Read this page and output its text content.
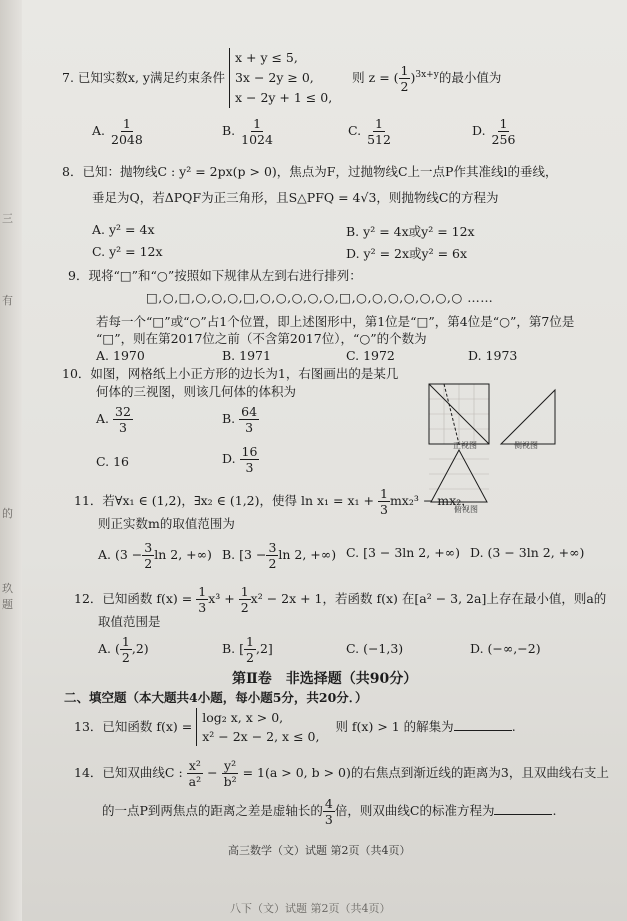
三
有
的
玖
题
7. 已知实数x, y满足约束条件 x + y ≤ 5,
3x − 2y ≥ 0,
x − 2y + 1 ≤ 0, 则 z = ( $\frac{1}{2} )^{3x+y}$的最小值为
A. $\frac{1}{2048}$	B. $\frac{1}{1024}$	C. $\frac{1}{512}$	D. $\frac{1}{256}$
8．已知：抛物线C : y² = 2px(p > 0)，焦点为F，过抛物线C上一点P作其准线l的垂线，
垂足为Q，若ΔPQF为正三角形，且S△PFQ = 4√3，则抛物线C的方程为
A. y² = 4x	B. y² = 4x或y² = 12x
C. y² = 12x	D. y² = 2x或y² = 6x
9．现将“□”和“○”按照如下规律从左到右进行排列：
□,○,□,○,○,○,□,○,○,○,○,○,□,○,○,○,○,○,○,○ ……
若每一个“□”或“○”占1个位置，即上述图形中，第1位是“□”，第4位是“○”，第7位是
“□”，则在第2017位之前（不含第2017位），“○”的个数为
A. 1970	B. 1971	C. 1972	D. 1973
10．如图，网格纸上小正方形的边长为1，右图画出的是某几
何体的三视图，则该几何体的体积为
A. $\frac{32}{3}$	B. $\frac{64}{3}$
C. 16	D. $\frac{16}{3}$	正视图	侧视图
俯视图
11．若∀x₁ ∈ (1,2)，∃x₂ ∈ (1,2)，使得 $\ln x_1 = x_1 + \frac{1}{3} mx_2^3 - mx_2$，
则正实数m的取值范围为
A. ($3 - \frac{3}{2}$ ln 2, +∞) B. [$3 - \frac{3}{2}$ ln 2, +∞) C. [3 − 3ln 2, +∞) D. (3 − 3ln 2, +∞)
12．已知函数 $f(x) = \frac{1}{3} x^3 + \frac{1}{2} x^2 - 2x + 1$，若函数 f(x) 在[a² − 3, 2a]上存在最小值，则a的
取值范围是
A. ( $\frac{1}{2} ,2$)	B. [ $\frac{1}{2} ,2$]	C. (−1,3)	D. (−∞,−2)
第Ⅱ卷　非选择题（共90分）
二、填空题（本大题共4小题，每小题5分，共20分．）
13．已知函数 f(x) = log₂ x, x > 0,
x² − 2x − 2, x ≤ 0, 则 f(x) > 1 的解集为	.
14．已知双曲线C : $\frac{\text{x²}}{\text{a²}} - \frac{\text{y²}}{\text{b²}} = 1(a > 0$, b > 0)的右焦点到渐近线的距离为3，且双曲线右支上
的一点P到两焦点的距离之差是虚轴长的 $\frac{4}{3}$ 倍，则双曲线C的标准方程为	.
高三数学（文）试题 第2页（共4页）
八下（文）试题 第2页（共4页）
